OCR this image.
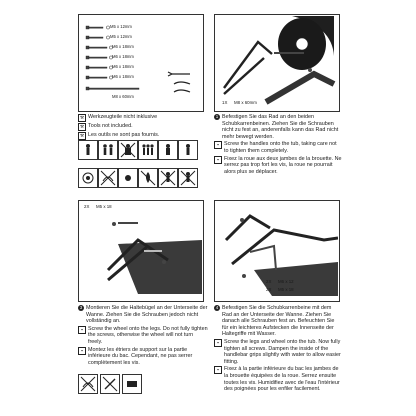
M5 x 12mm
M5 x 12mm
M6 x 18mm
M6 x 18mm
M6 x 18mm
M6 x 18mm
M8 x 60mm
⚒ Werkzeugteile nicht inklusive
⚒ Tools not included.
⚒ Les outils ne sont pas fournis.
1X M8 x 60mm
1 Befestigen Sie das Rad an den beiden Schubkarrenbeinen. Ziehen Sie die Schrauben nicht zu fest an, anderenfalls kann das Rad nicht mehr bewegt werden.
▪ Screw the handles onto the tub, taking care not to tighten them completely.
▪ Fixez la roue aux deux jambes de la brouette. Ne serrez pas trop fort les vis, la roue ne pourrait alors plus se déplacer.
2X M5 x 18
3 Montieren Sie die Haltebügel an der Unterseite der Wanne. Ziehen Sie die Schrauben jedoch nicht vollständig an.
▪ Screw the wheel onto the legs. Do not fully tighten the screws, otherwise the wheel will not turn freely.
▪ Montez les étriers de support sur la partie inférieure du bac. Cependant, ne pas serrer complètement les vis.
2X M6 x 12
2X M5 x 18
4 Befestigen Sie die Schubkarrenbeine mit dem Rad an der Unterseite der Wanne. Ziehen Sie danach alle Schrauben fest an. Befeuchten Sie für ein leichteres Aufstecken die Innenseite der Haltegriffe mit Wasser.
▪ Screw the legs and wheel onto the tub. Now fully tighten all screws. Dampen the inside of the handlebar grips slightly with water to allow easier fitting.
▪ Fixez à la partie inférieure du bac les jambes de la brouette équipées de la roue. Serrez ensuite toutes les vis. Humidifiez avec de l'eau l'intérieur des poignées pour les enfiler facilement.
